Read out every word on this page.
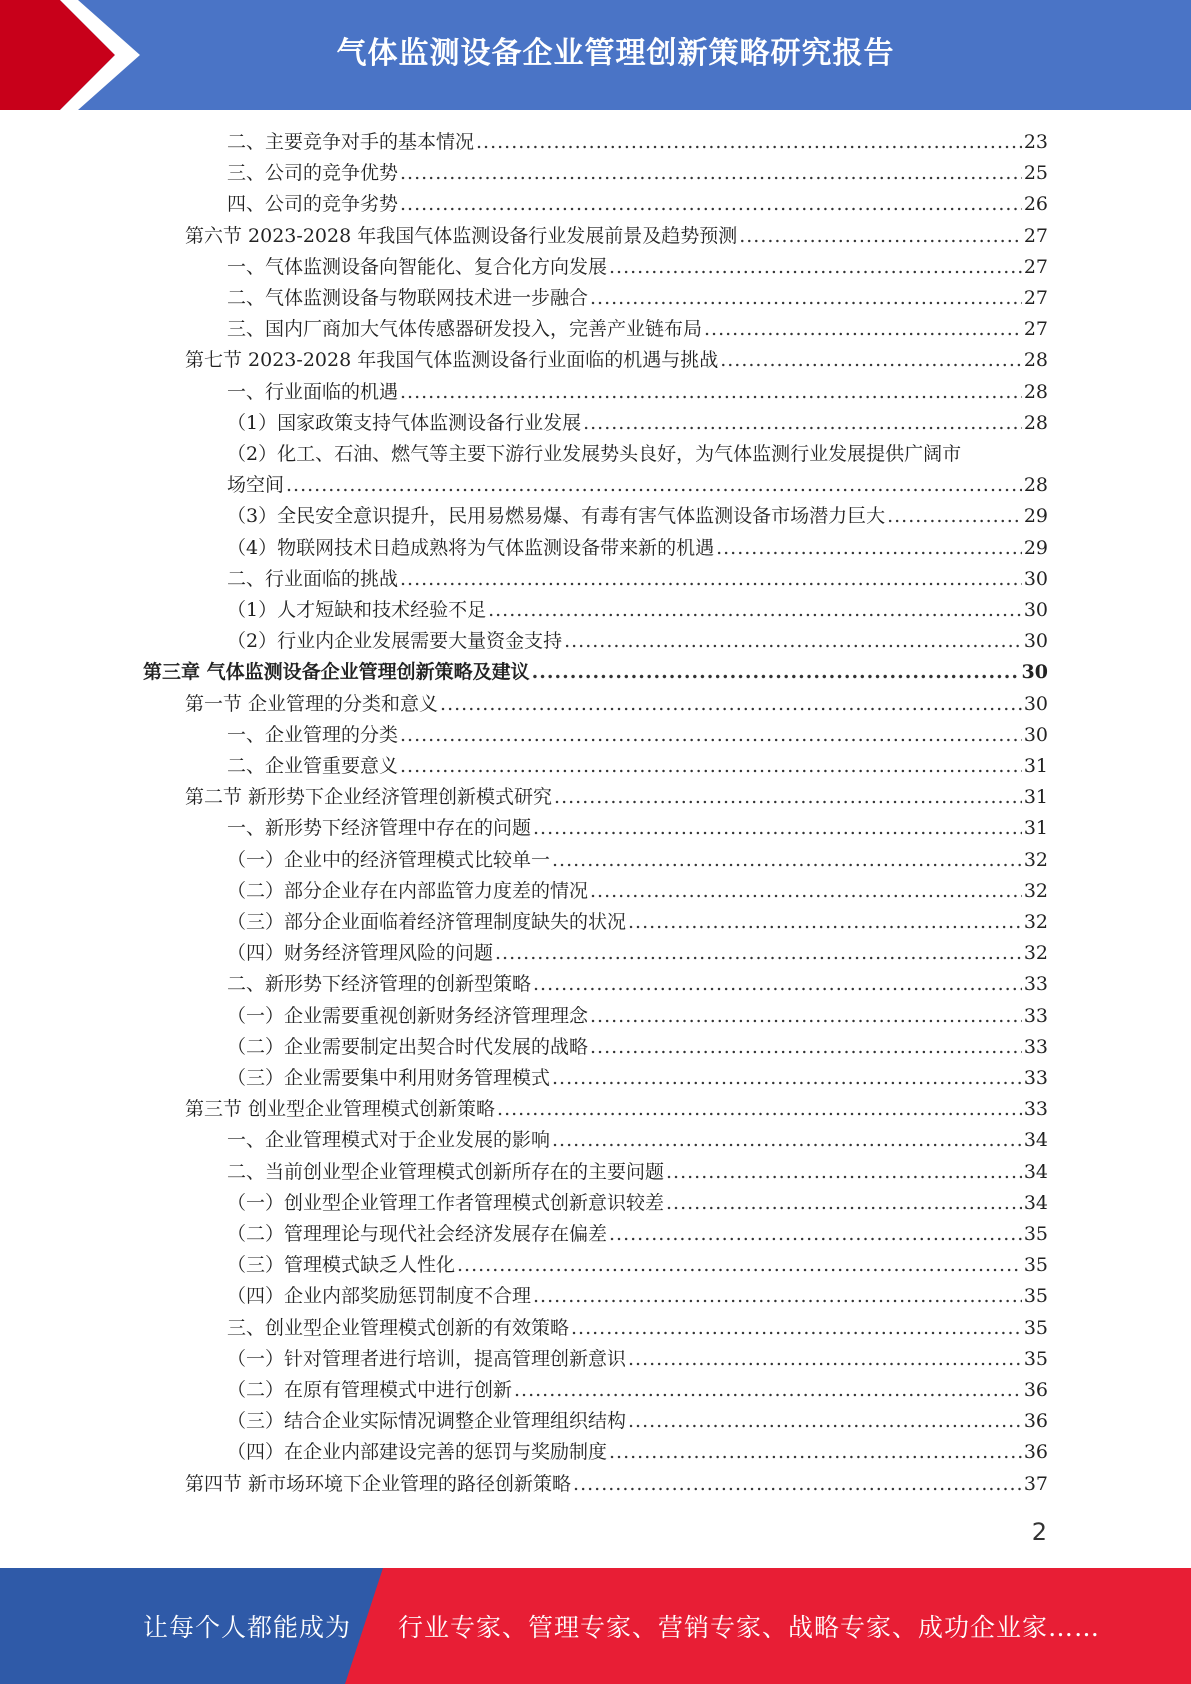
气体监测设备企业管理创新策略研究报告
二、主要竞争对手的基本情况 .....	23
三、公司的竞争优势 .....	25
四、公司的竞争劣势 .....	26
第六节 2023-2028 年我国气体监测设备行业发展前景及趋势预测 .....	27
一、气体监测设备向智能化、复合化方向发展 .....	27
二、气体监测设备与物联网技术进一步融合 .....	27
三、国内厂商加大气体传感器研发投入，完善产业链布局 .....	27
第七节 2023-2028 年我国气体监测设备行业面临的机遇与挑战 .....	28
一、行业面临的机遇 .....	28
（1）国家政策支持气体监测设备行业发展 .....	28
（2）化工、石油、燃气等主要下游行业发展势头良好，为气体监测行业发展提供广阔市
场空间 .....	28
（3）全民安全意识提升，民用易燃易爆、有毒有害气体监测设备市场潜力巨大 .....	29
（4）物联网技术日趋成熟将为气体监测设备带来新的机遇 .....	29
二、行业面临的挑战 .....	30
（1）人才短缺和技术经验不足 .....	30
（2）行业内企业发展需要大量资金支持 .....	30
第三章 气体监测设备企业管理创新策略及建议 .....	30
第一节 企业管理的分类和意义 .....	30
一、企业管理的分类 .....	30
二、企业管重要意义 .....	31
第二节 新形势下企业经济管理创新模式研究 .....	31
一、新形势下经济管理中存在的问题 .....	31
（一）企业中的经济管理模式比较单一 .....	32
（二）部分企业存在内部监管力度差的情况 .....	32
（三）部分企业面临着经济管理制度缺失的状况 .....	32
（四）财务经济管理风险的问题 .....	32
二、新形势下经济管理的创新型策略 .....	33
（一）企业需要重视创新财务经济管理理念 .....	33
（二）企业需要制定出契合时代发展的战略 .....	33
（三）企业需要集中利用财务管理模式 .....	33
第三节 创业型企业管理模式创新策略 .....	33
一、企业管理模式对于企业发展的影响 .....	34
二、当前创业型企业管理模式创新所存在的主要问题 .....	34
（一）创业型企业管理工作者管理模式创新意识较差 .....	34
（二）管理理论与现代社会经济发展存在偏差 .....	35
（三）管理模式缺乏人性化 .....	35
（四）企业内部奖励惩罚制度不合理 .....	35
三、创业型企业管理模式创新的有效策略 .....	35
（一）针对管理者进行培训，提高管理创新意识 .....	35
（二）在原有管理模式中进行创新 .....	36
（三）结合企业实际情况调整企业管理组织结构 .....	36
（四）在企业内部建设完善的惩罚与奖励制度 .....	36
第四节 新市场环境下企业管理的路径创新策略 .....	37
2
让每个人都能成为 行业专家、管理专家、营销专家、战略专家、成功企业家……
